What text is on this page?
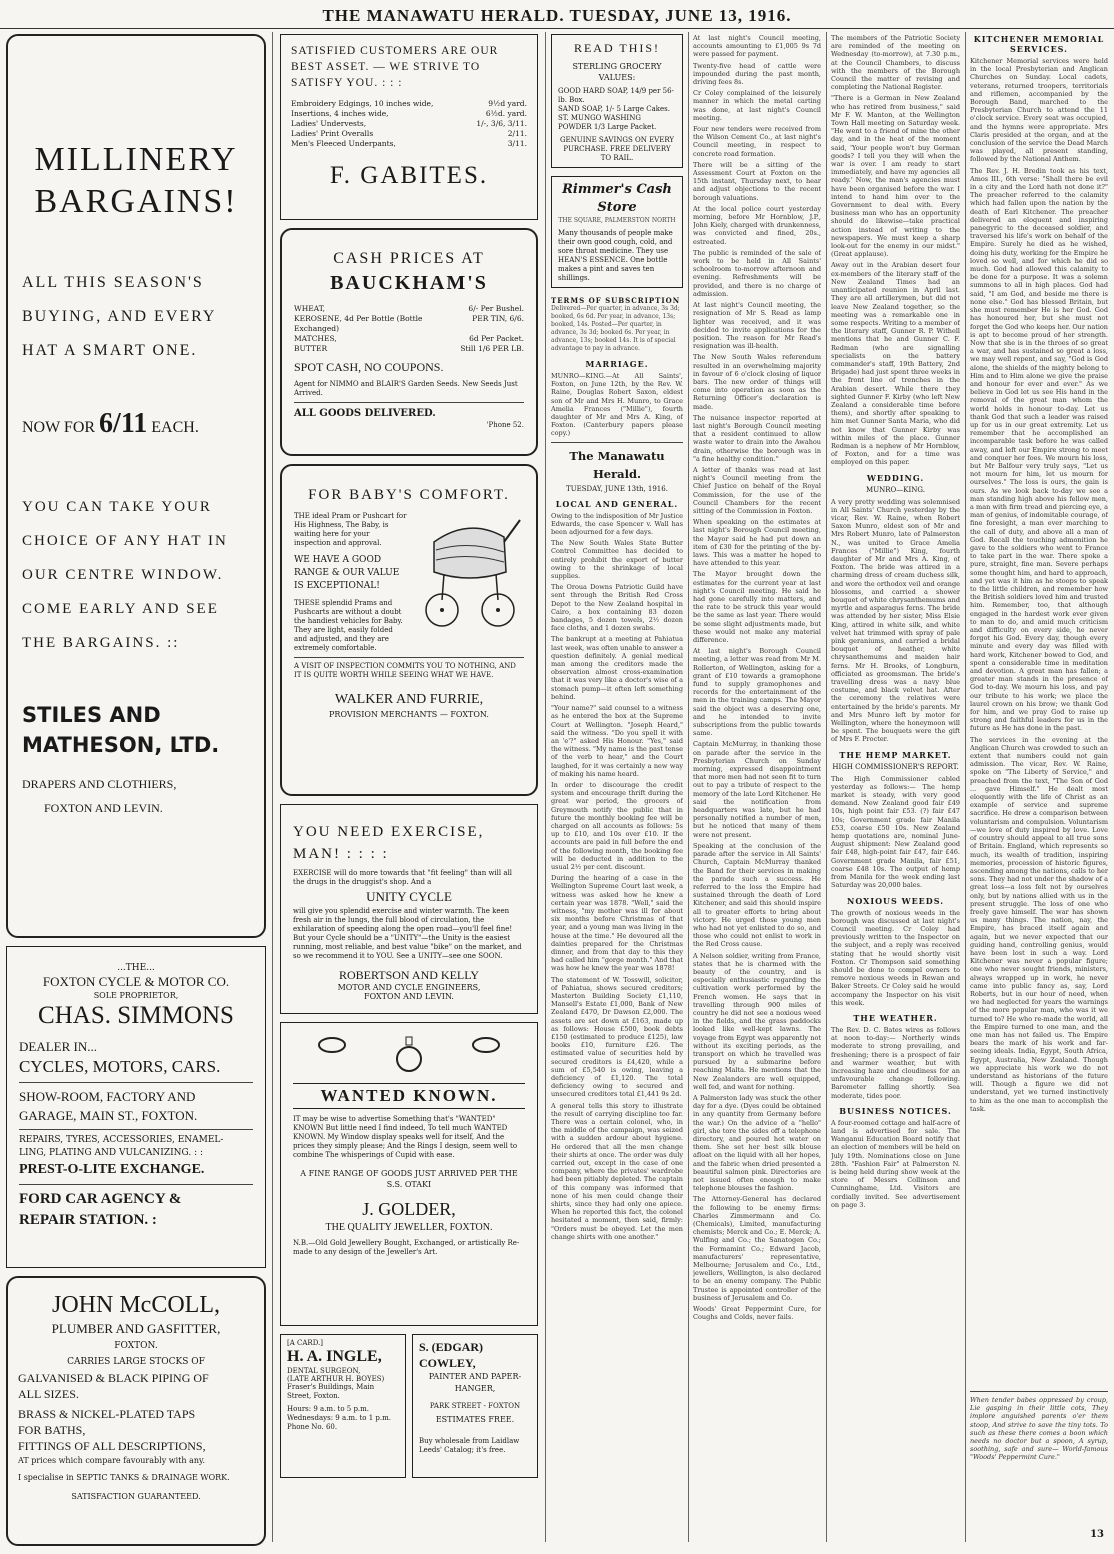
THE MANAWATU HERALD. TUESDAY, JUNE 13, 1916.
MILLINERY
BARGAINS!
ALL THIS SEASON'S
BUYING, AND EVERY
HAT A SMART ONE.
NOW FOR 6/11 EACH.
YOU CAN TAKE YOUR
CHOICE OF ANY HAT IN
OUR CENTRE WINDOW.
COME EARLY AND SEE
THE BARGAINS. ::
STILES AND
MATHESON, LTD.
DRAPERS AND CLOTHIERS,
FOXTON AND LEVIN.
...THE...
FOXTON CYCLE & MOTOR CO.
SOLE PROPRIETOR,
CHAS. SIMMONS
DEALER IN...
CYCLES, MOTORS, CARS.
SHOW-ROOM, FACTORY AND
GARAGE, MAIN ST., FOXTON.
REPAIRS, TYRES, ACCESSORIES, ENAMEL-
LING, PLATING AND VULCANIZING. : :
PREST-O-LITE EXCHANGE.
FORD CAR AGENCY &
REPAIR STATION. :
JOHN McCOLL,
PLUMBER AND GASFITTER,
FOXTON.
CARRIES LARGE STOCKS OF
GALVANISED & BLACK PIPING OF
ALL SIZES.
BRASS & NICKEL-PLATED TAPS
FOR BATHS,
FITTINGS OF ALL DESCRIPTIONS,
AT prices which compare favourably with any.
I specialise in SEPTIC TANKS & DRAINAGE WORK.
SATISFACTION GUARANTEED.
SATISFIED CUSTOMERS ARE OUR
BEST ASSET. — WE STRIVE TO
SATISFY YOU. : : :
Embroidery Edgings, 10 inches wide,	9½d yard.
Insertions, 4 inches wide,	6½d. yard.
Ladies' Undervests,	1/-, 3/6, 3/11.
Ladies' Print Overalls	2/11.
Men's Fleeced Underpants,	3/11.
F. GABITES.
CASH PRICES AT
BAUCKHAM'S
WHEAT,	6/- Per Bushel.
KEROSENE, 4d Per Bottle (Bottle Exchanged)
PER TIN, 6/6.
MATCHES,	6d Per Packet.
BUTTER	Still 1/6 PER LB.
SPOT CASH, NO COUPONS.
Agent for NIMMO and BLAIR'S Garden Seeds. New Seeds Just Arrived.
ALL GOODS DELIVERED.
'Phone 52.
FOR BABY'S COMFORT.
THE ideal Pram or Pushcart for His Highness, The Baby, is waiting here for your inspection and approval.
WE HAVE A GOOD RANGE & OUR VALUE IS EXCEPTIONAL!
THESE splendid Prams and Pushcarts are without a doubt the handiest vehicles for Baby. They are light, easily folded and adjusted, and they are extremely comfortable.
A VISIT OF INSPECTION COMMITS YOU TO NOTHING, AND IT IS QUITE WORTH WHILE SEEING WHAT WE HAVE.
WALKER AND FURRIE,
PROVISION MERCHANTS — FOXTON.
YOU NEED EXERCISE,
MAN! : : : :
EXERCISE will do more towards that "fit feeling" than will all the drugs in the druggist's shop. And a
UNITY CYCLE
will give you splendid exercise and winter warmth. The keen fresh air in the lungs, the full blood of circulation, the exhilaration of speeding along the open road—you'll feel fine! But your Cycle should be a "UNITY"—the Unity is the easiest running, most reliable, and best value "bike" on the market, and so we recommend it to YOU. See a UNITY—see one SOON.
ROBERTSON AND KELLY
MOTOR AND CYCLE ENGINEERS,
FOXTON AND LEVIN.
WANTED KNOWN.
IT may be wise to advertise Something that's "WANTED" KNOWN But little need I find indeed, To tell much WANTED KNOWN. My Window display speaks well for itself, And the prices they simply please; And the Rings I design, seem well to combine The whisperings of Cupid with ease.
A FINE RANGE OF GOODS JUST ARRIVED PER THE S.S. OTAKI
J. GOLDER,
THE QUALITY JEWELLER, FOXTON.
N.B.—Old Gold Jewellery Bought, Exchanged, or artistically Re-made to any design of the Jeweller's Art.
[A CARD.]
H. A. INGLE,
DENTAL SURGEON,
(LATE ARTHUR H. BOYES)
Fraser's Buildings, Main Street, Foxton.
Hours: 9 a.m. to 5 p.m. Wednesdays: 9 a.m. to 1 p.m.
Phone No. 60.
S. (EDGAR) COWLEY,
PAINTER AND PAPER-HANGER,
PARK STREET - FOXTON
ESTIMATES FREE.
Buy wholesale from Laidlaw Leeds' Catalog; it's free.
READ THIS!
STERLING GROCERY VALUES:
GOOD HARD SOAP, 14/9 per 56-lb. Box.
SAND SOAP, 1/- 5 Large Cakes.
ST. MUNGO WASHING POWDER 1/3 Large Packet.
GENUINE SAVINGS ON EVERY PURCHASE. FREE DELIVERY TO RAIL.
Rimmer's Cash Store
THE SQUARE, PALMERSTON NORTH
Many thousands of people make their own good cough, cold, and sore throat medicine. They use HEAN'S ESSENCE. One bottle makes a pint and saves ten shillings.
TERMS OF SUBSCRIPTION
Delivered—Per quarter, in advance, 3s 3d; booked, 6s 6d. Per year, in advance, 13s; booked, 14s. Posted—Per quarter, in advance, 3s 3d; booked 6s. Per year, in advance, 13s; booked 14s. It is of special advantage to pay in advance.
MARRIAGE.
MUNRO—KING.—At All Saints', Foxton, on June 12th, by the Rev. W. Raine, Douglas Robert Saxon, eldest son of Mr and Mrs H. Munro, to Grace Amelia Frances ("Millie"), fourth daughter of Mr and Mrs A. King, of Foxton. (Canterbury papers please copy.)
The Manawatu Herald.
TUESDAY, JUNE 13th, 1916.
LOCAL AND GENERAL.

Owing to the indisposition of Mr Justice Edwards, the case Spencer v. Wall has been adjourned for a few days.

The New South Wales State Butter Control Committee has decided to entirely prohibit the export of butter owing to the shrinkage of local supplies.

The Oroua Downs Patriotic Guild have sent through the British Red Cross Depot to the New Zealand hospital in Cairo, a box containing 83 dozen bandages, 5 dozen towels, 2½ dozen face cloths, and 1 dozen swabs.

The bankrupt at a meeting at Pahiatua last week, was often unable to answer a question definitely. A genial medical man among the creditors made the observation almost cross-examination that it was very like a doctor's wise of a stomach pump—it often left something behind.

"Your name?" said counsel to a witness as he entered the box at the Supreme Court at Wellington. "Joseph Heard," said the witness. "Do you spell it with an 'e'?" asked His Honour. "Yes," said the witness. "My name is the past tense of the verb to hear," and the Court laughed, for it was certainly a new way of making his name heard.

In order to discourage the credit system and encourage thrift during the great war period, the grocers of Greymouth notify the public that in future the monthly booking fee will be charged on all accounts as follows: 5s up to £10, and 10s over £10. If the accounts are paid in full before the end of the following month, the booking fee will be deducted in addition to the usual 2½ per cent. discount.

During the hearing of a case in the Wellington Supreme Court last week, a witness was asked how he knew a certain year was 1878. "Well," said the witness, "my mother was ill for about six months before Christmas of that year, and a young man was living in the house at the time." He devoured all the dainties prepared for the Christmas dinner, and from that day to this they had called him "gorge month." And that was how he knew the year was 1878!

The statement of W. Tosswill, solicitor, of Pahiatua, shows secured creditors; Masterton Building Society £1,110, Mansell's Estate £1,000, Bank of New Zealand £470, Dr Dawson £2,000. The assets are set down at £163, made up as follows: House £500, book debts £150 (estimated to produce £125), law books £10, furniture £26. The estimated value of securities held by secured creditors is £4,420, while a sum of £5,540 is owing, leaving a deficiency of £1,120. The total deficiency owing to secured and unsecured creditors total £1,441 9s 2d.

A general tells this story to illustrate the result of carrying discipline too far. There was a certain colonel, who, in the middle of the campaign, was seized with a sudden ardour about hygiene. He ordered that all the men change their shirts at once. The order was duly carried out, except in the case of one company, where the privates' wardrobe had been pitiably depleted. The captain of this company was informed that none of his men could change their shirts, since they had only one apiece. When he reported this fact, the colonel hesitated a moment, then said, firmly: "Orders must be obeyed. Let the men change shirts with one another."

At last night's Council meeting, accounts amounting to £1,005 9s 7d were passed for payment.

Twenty-five head of cattle were impounded during the past month, driving fees 8s.

Cr Coley complained of the leisurely manner in which the metal carting was done, at last night's Council meeting.

Four new tenders were received from the Wilson Cement Co., at last night's Council meeting, in respect to concrete road formation.

There will be a sitting of the Assessment Court at Foxton on the 15th instant, Thursday next, to hear and adjust objections to the recent borough valuations.

At the local police court yesterday morning, before Mr Hornblow, J.P., John Kiely, charged with drunkenness, was convicted and fined, 20s., estreated.

The public is reminded of the sale of work to be held in All Saints' schoolroom to-morrow afternoon and evening. Refreshments will be provided, and there is no charge of admission.

At last night's Council meeting, the resignation of Mr S. Read as lamp lighter was received, and it was decided to invite applications for the position. The reason for Mr Read's resignation was ill-health.

The New South Wales referendum resulted in an overwhelming majority in favour of 6 o'clock closing of liquor bars. The new order of things will come into operation as soon as the Returning Officer's declaration is made.

The nuisance inspector reported at last night's Borough Council meeting that a resident continued to allow waste water to drain into the Awahou drain, otherwise the borough was in "a fine healthy condition."

A letter of thanks was read at last night's Council meeting from the Chief Justice on behalf of the Royal Commission, for the use of the Council Chambers for the recent sitting of the Commission in Foxton.

When speaking on the estimates at last night's Borough Council meeting, the Mayor said he had put down an item of £30 for the printing of the by-laws. This was a matter he hoped to have attended to this year.

The Mayor brought down the estimates for the current year at last night's Council meeting. He said he had gone carefully into matters, and the rate to be struck this year would be the same as last year. There would be some slight adjustments made, but these would not make any material difference.

At last night's Borough Council meeting, a letter was read from Mr M. Rollerton, of Wellington, asking for a grant of £10 towards a gramophone fund to supply gramophones and records for the entertainment of the men in the training camps. The Mayor said the object was a deserving one, and he intended to invite subscriptions from the public towards same.

Captain McMurray, in thanking those on parade after the service in the Presbyterian Church on Sunday morning, expressed disappointment that more men had not seen fit to turn out to pay a tribute of respect to the memory of the late Lord Kitchener. He said the notification from headquarters was late, but he had personally notified a number of men, but he noticed that many of them were not present.

Speaking at the conclusion of the parade after the service in All Saints' Church, Captain McMurray thanked the Band for their services in making the parade such a success. He referred to the loss the Empire had sustained through the death of Lord Kitchener, and said this should inspire all to greater efforts to bring about victory. He urged those young men who had not yet enlisted to do so, and those who could not enlist to work in the Red Cross cause.

A Nelson soldier, writing from France, states that he is charmed with the beauty of the country, and is especially enthusiastic regarding the cultivation work performed by the French women. He says that in travelling through 900 miles of country he did not see a noxious weed in the fields, and the grass paddocks looked like well-kept lawns. The voyage from Egypt was apparently not without its exciting periods, as the transport on which he travelled was pursued by a submarine before reaching Malta. He mentions that the New Zealanders are well equipped, well fed, and want for nothing.

A Palmerston lady was stuck the other day for a dye. (Dyes could be obtained in any quantity from Germany before the war.) On the advice of a "hello" girl, she tore the sides off a telephone directory, and poured hot water on them. She set her best silk blouse afloat on the liquid with all her hopes, and the fabric when dried presented a beautiful salmon pink. Directories are not issued often enough to make telephone blouses the fashion.

The Attorney-General has declared the following to be enemy firms: Charles Zimmermann and Co. (Chemicals), Limited, manufacturing chemists; Merck and Co.; E. Merck; A. Wulfing and Co.; the Sanatogen Co.; the Formamint Co.; Edward Jacob, manufacturers' representative, Melbourne; Jerusalem and Co., Ltd., jewellers, Wellington, is also declared to be an enemy company. The Public Trustee is appointed controller of the business of Jerusalem and Co.

Woods' Great Peppermint Cure, for Coughs and Colds, never fails.

The members of the Patriotic Society are reminded of the meeting on Wednesday (to-morrow), at 7.30 p.m., at the Council Chambers, to discuss with the members of the Borough Council the matter of revising and completing the National Register.

"There is a German in New Zealand who has retired from business," said Mr F. W. Manton, at the Wellington Town Hall meeting on Saturday week. "He went to a friend of mine the other day, and in the heat of the moment said, 'Your people won't buy German goods? I tell you they will when the war is over. I am ready to start immediately, and have my agencies all ready.' Now, the man's agencies must have been organised before the war. I intend to hand him over to the Government to deal with. Every business man who has an opportunity should do likewise—take practical action instead of writing to the newspapers. We must keep a sharp look-out for the enemy in our midst." (Great applause).

Away out in the Arabian desert four ex-members of the literary staff of the New Zealand Times had an unanticipated reunion in April last. They are all artillerymen, but did not leave New Zealand together, so the meeting was a remarkable one in some respects. Writing to a member of the literary staff, Gunner R. P. Withell mentions that he and Gunner C. F. Redman (who are signalling specialists on the battery commander's staff, 19th Battery, 2nd Brigade) had just spent three weeks in the front line of trenches in the Arabian desert. While there they sighted Gunner F. Kirby (who left New Zealand a considerable time before them), and shortly after speaking to him met Gunner Santa Maria, who did not know that Gunner Kirby was within miles of the place. Gunner Redman is a nephew of Mr Hornblow, of Foxton, and for a time was employed on this paper.

WEDDING.
MUNRO—KING.

A very pretty wedding was solemnised in All Saints' Church yesterday by the vicar, Rev. W. Raine, when Robert Saxon Munro, eldest son of Mr and Mrs Robert Munro, late of Palmerston N., was united to Grace Amelia Frances ("Millie") King, fourth daughter of Mr and Mrs A. King, of Foxton. The bride was attired in a charming dress of cream duchess silk, and wore the orthodox veil and orange blossoms, and carried a shower bouquet of white chrysanthemums and myrtle and asparagus ferns. The bride was attended by her sister, Miss Elsie King, attired in white silk, and white velvet hat trimmed with spray of pale pink geraniums, and carried a bridal bouquet of heather, white chrysanthemums and maiden hair ferns. Mr H. Brooks, of Longburn, officiated as groomsman. The bride's travelling dress was a navy blue costume, and black velvet hat. After the ceremony the relatives were entertained by the bride's parents. Mr and Mrs Munro left by motor for Wellington, where the honeymoon will be spent. The bouquets were the gift of Mrs F. Procter.

THE HEMP MARKET.
HIGH COMMISSIONER'S REPORT.

The High Commissioner cabled yesterday as follows:— The hemp market is steady, with very good demand. New Zealand good fair £49 10s, high point fair £53. (?) fair £47 10s; Government grade fair Manila £53, coarse £50 10s. New Zealand hemp quotations are, nominal June-August shipment: New Zealand good fair £48, high-point fair £47, fair £46. Government grade Manila, fair £51, coarse £48 10s. The output of hemp from Manila for the week ending last Saturday was 20,000 bales.

NOXIOUS WEEDS.

The growth of noxious weeds in the borough was discussed at last night's Council meeting. Cr Coley had previously written to the Inspector on the subject, and a reply was received stating that he would shortly visit Foxton. Cr Thompson said something should be done to compel owners to remove noxious weeds in Rewan and Baker Streets. Cr Coley said he would accompany the Inspector on his visit this week.

THE WEATHER.

The Rev. D. C. Bates wires as follows at noon to-day:— Northerly winds moderate to strong prevailing, and freshening; there is a prospect of fair and warmer weather, but with increasing haze and cloudiness for an unfavourable change following. Barometer falling shortly. Sea moderate, tides poor.

BUSINESS NOTICES.

A four-roomed cottage and half-acre of land is advertised for sale. The Wanganui Education Board notify that an election of members will be held on July 19th. Nominations close on June 28th. "Fashion Fair" at Palmerston N. is being held during show week at the store of Messrs Collinson and Cunninghame, Ltd. Visitors are cordially invited. See advertisement on page 3.

KITCHENER MEMORIAL SERVICES.

Kitchener Memorial services were held in the local Presbyterian and Anglican Churches on Sunday. Local cadets, veterans, returned troopers, territorials and riflemen, accompanied by the Borough Band, marched to the Presbyterian Church to attend the 11 o'clock service. Every seat was occupied, and the hymns were appropriate. Mrs Claris presided at the organ, and at the conclusion of the service the Dead March was played, all present standing, followed by the National Anthem.

The Rev. J. H. Bredin took as his text, Amos III., 6th verse: "Shall there be evil in a city and the Lord hath not done it?" The preacher referred to the calamity which had fallen upon the nation by the death of Earl Kitchener. The preacher delivered an eloquent and inspiring panegyric to the deceased soldier, and traversed his life's work on behalf of the Empire. Surely he died as he wished, doing his duty, working for the Empire he loved so well, and for which he did so much. God had allowed this calamity to be done for a purpose. It was a solemn summons to all in high places. God had said, "I am God, and beside me there is none else." God has blessed Britain, but she must remember He is her God. God has honoured her, but she must not forget the God who keeps her. Our nation is apt to become proud of her strength. Now that she is in the throes of so great a war, and has sustained so great a loss, we may well repent, and say, "God is God alone, the shields of the mighty belong to Him and to Him alone we give the praise and honour for ever and ever." As we believe in God let us see His hand in the removal of the great man whom the world holds in honour to-day. Let us thank God that such a leader was raised up for us in our great extremity. Let us remember that he accomplished an incomparable task before he was called away, and left our Empire strong to meet and conquer her foes. We mourn his loss, but Mr Balfour very truly says, "Let us not mourn for him, let us mourn for ourselves." The loss is ours, the gain is ours. As we look back to-day we see a man standing high above his fellow men, a man with firm tread and piercing eye, a man of genius, of indomitable courage, of fine foresight, a man ever marching to the call of duty, and above all a man of God. Recall the touching admonition he gave to the soldiers who went to France to take part in the war. There spoke a pure, straight, fine man. Severe perhaps some thought him, and hard to approach, and yet was it him as he stoops to speak to the little children, and remember how the British soldiers loved him and trusted him. Remember, too, that although engaged in the hardest work ever given to man to do, and amid much criticism and difficulty on every side, he never forgot his God. Every day, though every minute and every day was filled with hard work, Kitchener bowed to God, and spent a considerable time in meditation and devotion. A great man has fallen; a greater man stands in the presence of God to-day. We mourn his loss, and pay our tribute to his work; we place the laurel crown on his brow; we thank God for him, and we pray God to raise up strong and faithful leaders for us in the future as He has done in the past.

The services in the evening at the Anglican Church was crowded to such an extent that numbers could not gain admission. The vicar, Rev. W. Raine, spoke on "The Liberty of Service," and preached from the text, "The Son of God ... gave Himself." He dealt most eloquently with the life of Christ as an example of service and supreme sacrifice. He drew a comparison between voluntarism and compulsion. Voluntarism—we love of duty inspired by love. Love of country should appeal to all true sons of Britain. England, which represents so much, its wealth of tradition, inspiring memories, procession of historic figures, ascending among the nations, calls to her sons. They had not under the shadow of a great loss—a loss felt not by ourselves only, but by nations allied with us in the present struggle. The loss of one who freely gave himself. The war has shown us many things. The nation, nay, the Empire, has braced itself again and again, but we never expected that our guiding hand, controlling genius, would have been lost in such a way. Lord Kitchener was never a popular figure; one who never sought friends, ministers, always wrapped up in work, he never came into public fancy as, say, Lord Roberts, but in our hour of need, when we had neglected for years the warnings of the more popular man, who was it we turned to? He who re-made the world, all the Empire turned to one man, and the one man has not failed us. The Empire bears the mark of his work and far-seeing ideals. India, Egypt, South Africa, Egypt, Australia, New Zealand. Though we appreciate his work we do not understand as historians of the future will. Though a figure we did not understand, yet we turned instinctively to him as the one man to accomplish the task.

When tender babes oppressed by croup, Lie gasping in their little cots, They implore anguished parents o'er them stoop, And strive to save the tiny tots. To such as these there comes a boon which needs no doctor but a spoon, A syrup, soothing, safe and sure— World-famous "Woods' Peppermint Cure."

13
